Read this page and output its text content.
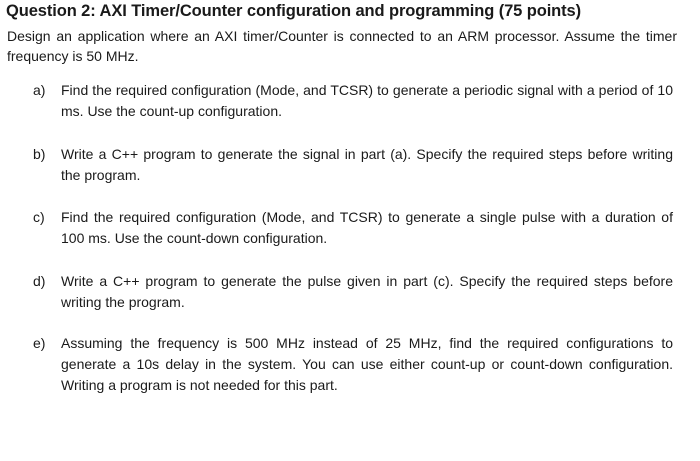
Question 2: AXI Timer/Counter configuration and programming (75 points)
Design an application where an AXI timer/Counter is connected to an ARM processor. Assume the timer frequency is 50 MHz.
a)	Find the required configuration (Mode, and TCSR) to generate a periodic signal with a period of 10 ms. Use the count-up configuration.
b)	Write a C++ program to generate the signal in part (a). Specify the required steps before writing the program.
c)	Find the required configuration (Mode, and TCSR) to generate a single pulse with a duration of 100 ms. Use the count-down configuration.
d)	Write a C++ program to generate the pulse given in part (c). Specify the required steps before writing the program.
e)	Assuming the frequency is 500 MHz instead of 25 MHz, find the required configurations to generate a 10s delay in the system. You can use either count-up or count-down configuration. Writing a program is not needed for this part.
